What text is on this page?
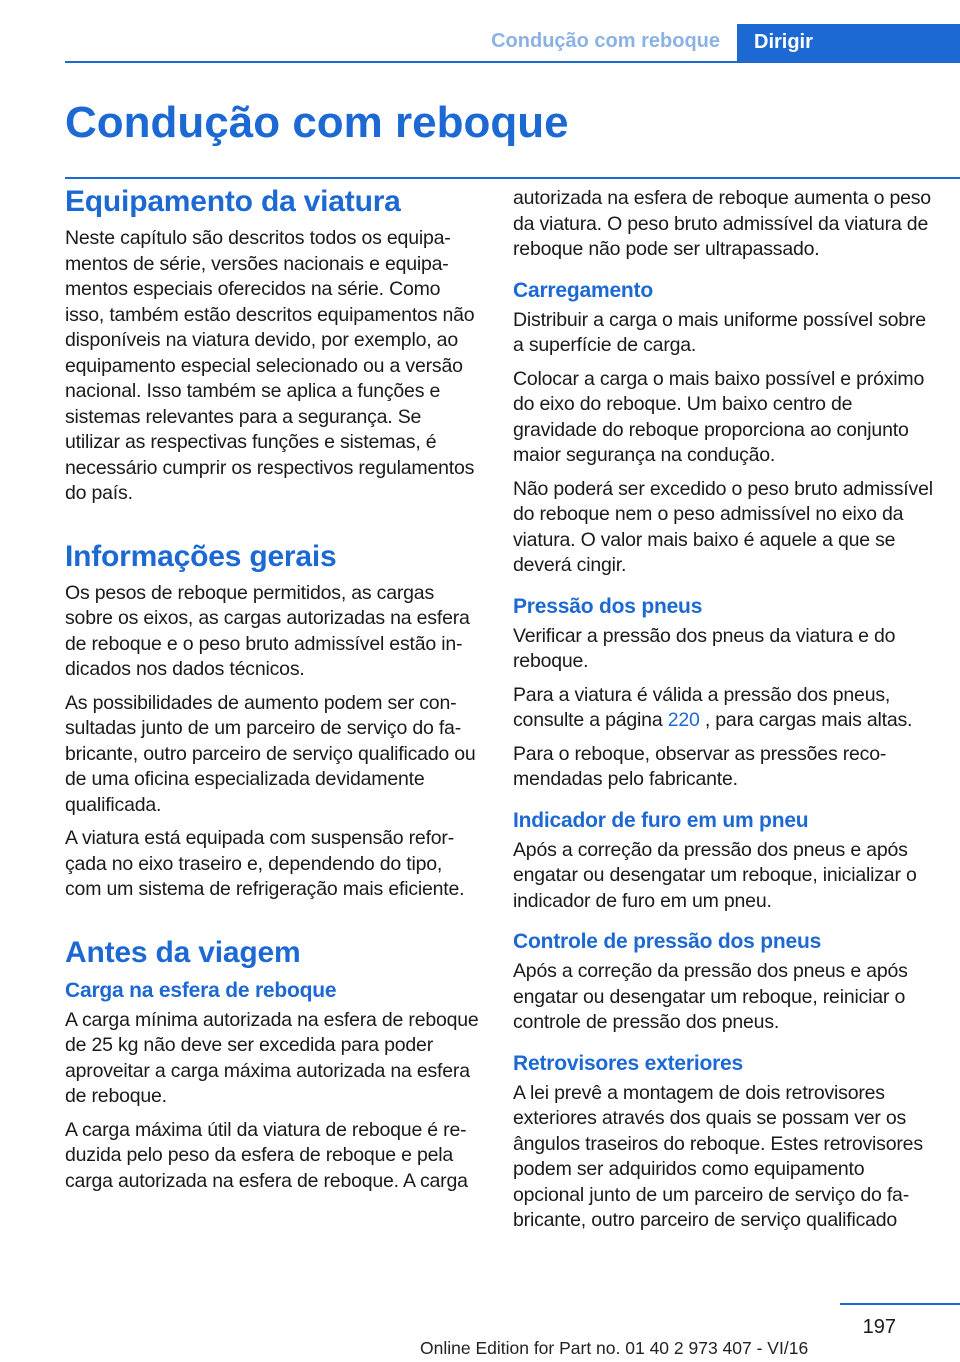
Condução com reboque	Dirigir
Condução com reboque
Equipamento da viatura

Neste capítulo são descritos todos os equipamentos de série, versões nacionais e equipamentos especiais oferecidos na série. Como isso, também estão descritos equipamentos não disponíveis na viatura devido, por exemplo, ao equipamento especial selecionado ou a versão nacional. Isso também se aplica a funções e sistemas relevantes para a segurança. Se utilizar as respectivas funções e sistemas, é necessário cumprir os respectivos regulamentos do país.

Informações gerais

Os pesos de reboque permitidos, as cargas sobre os eixos, as cargas autorizadas na esfera de reboque e o peso bruto admissível estão indicados nos dados técnicos.

As possibilidades de aumento podem ser consultadas junto de um parceiro de serviço do fabricante, outro parceiro de serviço qualificado ou de uma oficina especializada devidamente qualificada.

A viatura está equipada com suspensão reforçada no eixo traseiro e, dependendo do tipo, com um sistema de refrigeração mais eficiente.

Antes da viagem
Carga na esfera de reboque

A carga mínima autorizada na esfera de reboque de 25 kg não deve ser excedida para poder aproveitar a carga máxima autorizada na esfera de reboque.

A carga máxima útil da viatura de reboque é reduzida pelo peso da esfera de reboque e pela carga autorizada na esfera de reboque. A carga

autorizada na esfera de reboque aumenta o peso da viatura. O peso bruto admissível da viatura de reboque não pode ser ultrapassado.

Carregamento

Distribuir a carga o mais uniforme possível sobre a superfície de carga.

Colocar a carga o mais baixo possível e próximo do eixo do reboque. Um baixo centro de gravidade do reboque proporciona ao conjunto maior segurança na condução.

Não poderá ser excedido o peso bruto admissível do reboque nem o peso admissível no eixo da viatura. O valor mais baixo é aquele a que se deverá cingir.

Pressão dos pneus

Verificar a pressão dos pneus da viatura e do reboque.

Para a viatura é válida a pressão dos pneus, consulte a página 220 , para cargas mais altas.

Para o reboque, observar as pressões recomendadas pelo fabricante.

Indicador de furo em um pneu

Após a correção da pressão dos pneus e após engatar ou desengatar um reboque, inicializar o indicador de furo em um pneu.

Controle de pressão dos pneus

Após a correção da pressão dos pneus e após engatar ou desengatar um reboque, reiniciar o controle de pressão dos pneus.

Retrovisores exteriores

A lei prevê a montagem de dois retrovisores exteriores através dos quais se possam ver os ângulos traseiros do reboque. Estes retrovisores podem ser adquiridos como equipamento opcional junto de um parceiro de serviço do fabricante, outro parceiro de serviço qualificado

197
Online Edition for Part no. 01 40 2 973 407 - VI/16
